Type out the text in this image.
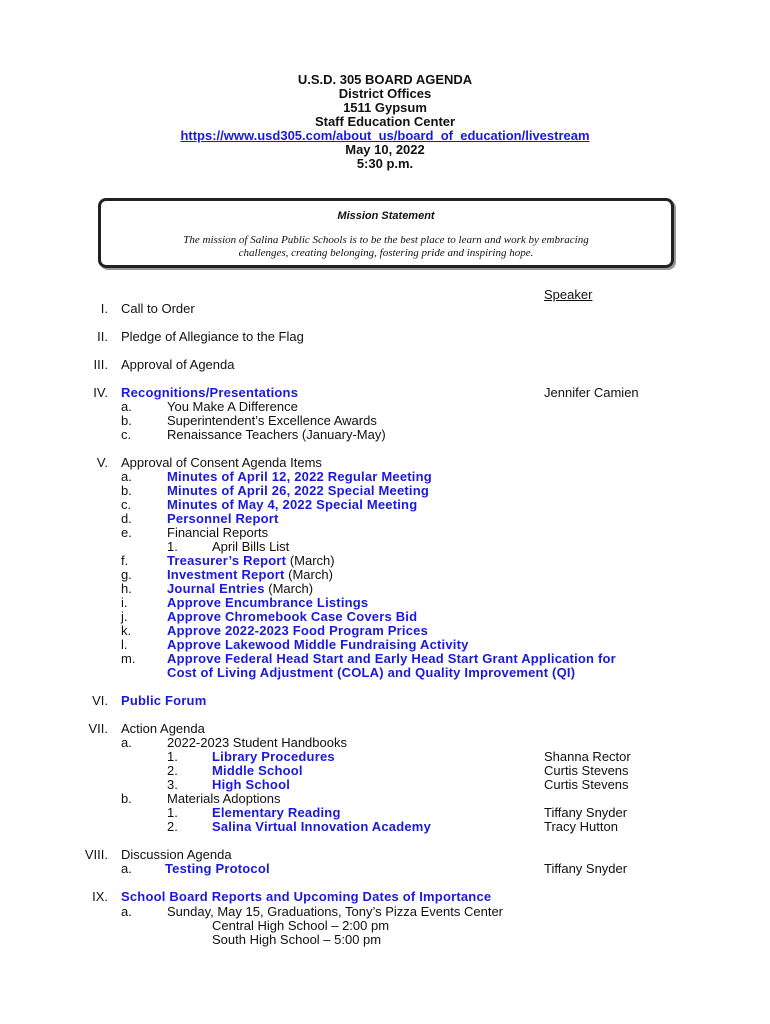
U.S.D. 305 BOARD AGENDA
District Offices
1511 Gypsum
Staff Education Center
https://www.usd305.com/about_us/board_of_education/livestream
May 10, 2022
5:30 p.m.
Mission Statement
The mission of Salina Public Schools is to be the best place to learn and work by embracing
challenges, creating belonging, fostering pride and inspiring hope.
Speaker
I. Call to Order
II. Pledge of Allegiance to the Flag
III. Approval of Agenda
IV. Recognitions/Presentations	Jennifer Camien
a.	You Make A Difference
b.	Superintendent’s Excellence Awards
c.	Renaissance Teachers (January-May)
V. Approval of Consent Agenda Items
a.	Minutes of April 12, 2022 Regular Meeting
b.	Minutes of April 26, 2022 Special Meeting
c.	Minutes of May 4, 2022 Special Meeting
d.	Personnel Report
e.	Financial Reports
1.	April Bills List
f.	Treasurer’s Report (March)
g.	Investment Report (March)
h.	Journal Entries (March)
i.	Approve Encumbrance Listings
j.	Approve Chromebook Case Covers Bid
k.	Approve 2022-2023 Food Program Prices
l.	Approve Lakewood Middle Fundraising Activity
m. Approve Federal Head Start and Early Head Start Grant Application for
Cost of Living Adjustment (COLA) and Quality Improvement (QI)
VI. Public Forum
VII. Action Agenda
a.	2022-2023 Student Handbooks
1.	Library Procedures	Shanna Rector
2.	Middle School	Curtis Stevens
3.	High School	Curtis Stevens
b.	Materials Adoptions
1.	Elementary Reading	Tiffany Snyder
2.	Salina Virtual Innovation Academy	Tracy Hutton
VIII. Discussion Agenda
a.	Testing Protocol	Tiffany Snyder
IX. School Board Reports and Upcoming Dates of Importance
a.	Sunday, May 15, Graduations, Tony’s Pizza Events Center
Central High School – 2:00 pm
South High School – 5:00 pm
